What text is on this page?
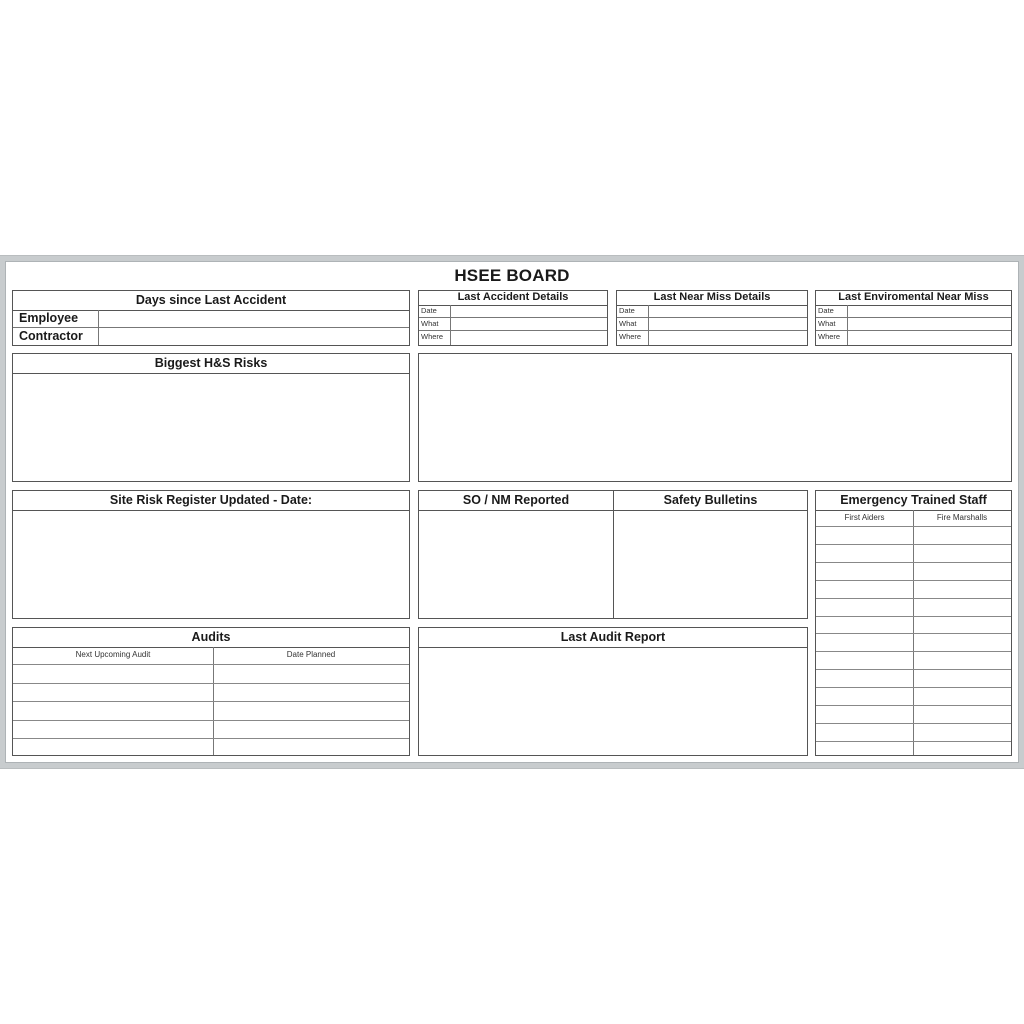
HSEE BOARD
Days since Last Accident
Employee
Contractor
Last Accident Details
Date
What
Where
Last Near Miss Details
Date
What
Where
Last Enviromental Near Miss
Date
What
Where
Biggest H&S Risks
Site Risk Register Updated - Date:	SO / NM Reported	Safety Bulletins	Emergency Trained Staff
First Aiders	Fire Marshalls
Audits
Next Upcoming Audit	Date Planned
Last Audit Report
